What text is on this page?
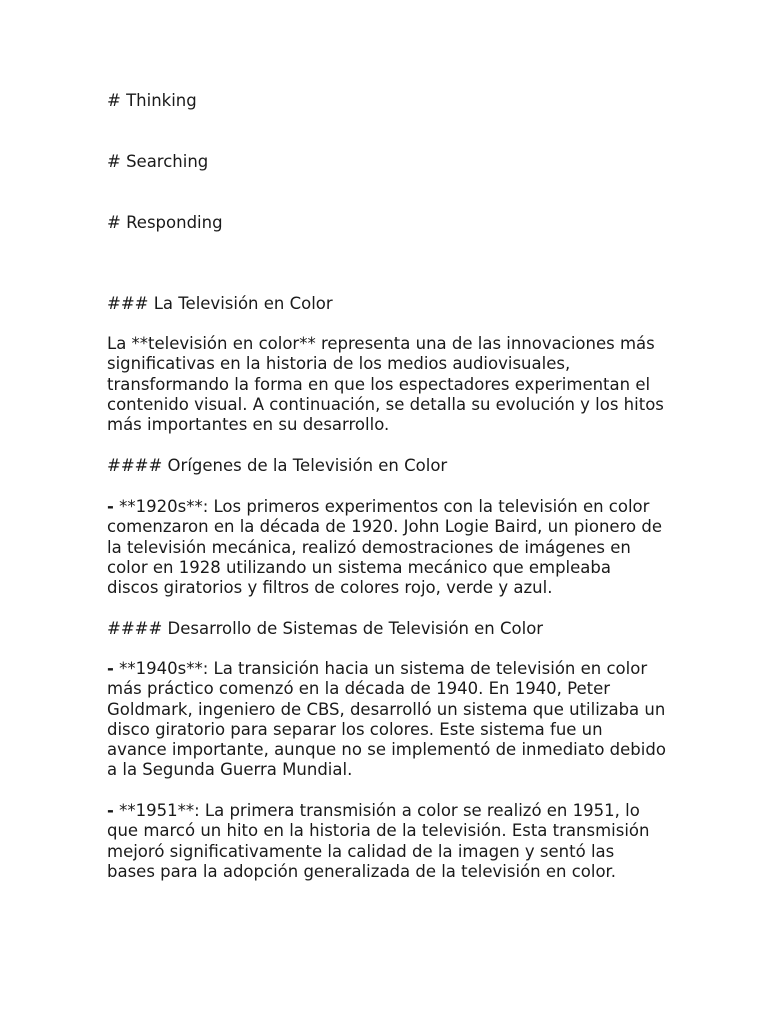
# Thinking

# Searching

# Responding

### La Televisión en Color

La **televisión en color** representa una de las innovaciones más significativas en la historia de los medios audiovisuales, transformando la forma en que los espectadores experimentan el contenido visual. A continuación, se detalla su evolución y los hitos más importantes en su desarrollo.

#### Orígenes de la Televisión en Color

- **1920s**: Los primeros experimentos con la televisión en color comenzaron en la década de 1920. John Logie Baird, un pionero de la televisión mecánica, realizó demostraciones de imágenes en color en 1928 utilizando un sistema mecánico que empleaba discos giratorios y filtros de colores rojo, verde y azul.

#### Desarrollo de Sistemas de Televisión en Color

- **1940s**: La transición hacia un sistema de televisión en color más práctico comenzó en la década de 1940. En 1940, Peter Goldmark, ingeniero de CBS, desarrolló un sistema que utilizaba un disco giratorio para separar los colores. Este sistema fue un avance importante, aunque no se implementó de inmediato debido a la Segunda Guerra Mundial.

- **1951**: La primera transmisión a color se realizó en 1951, lo que marcó un hito en la historia de la televisión. Esta transmisión mejoró significativamente la calidad de la imagen y sentó las bases para la adopción generalizada de la televisión en color.
